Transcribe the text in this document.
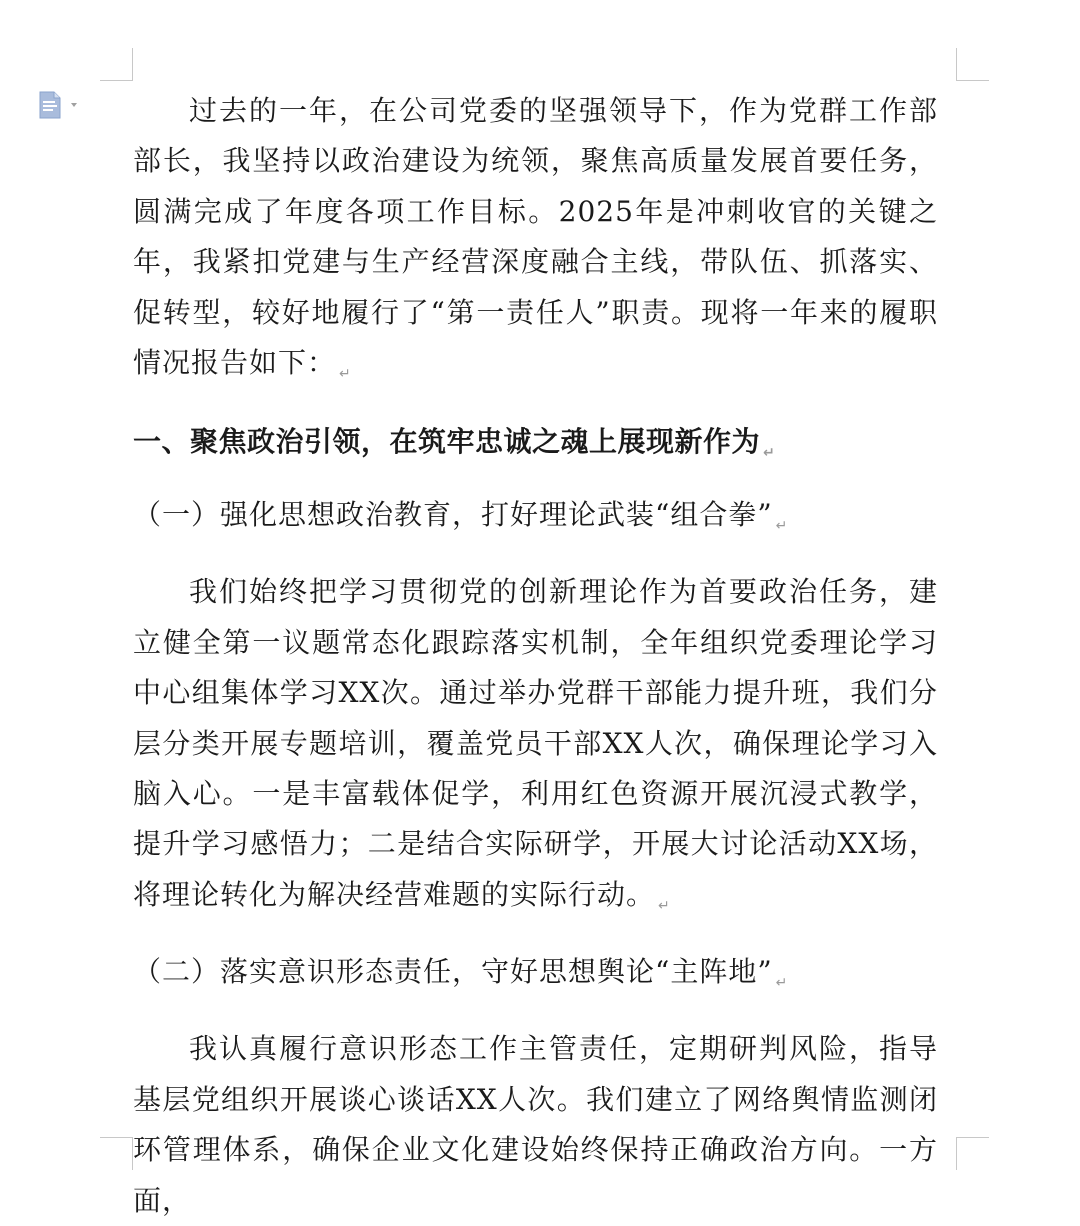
过去的一年，在公司党委的坚强领导下，作为党群工作部部长，我坚持以政治建设为统领，聚焦高质量发展首要任务，圆满完成了年度各项工作目标。2025年是冲刺收官的关键之年，我紧扣党建与生产经营深度融合主线，带队伍、抓落实、促转型，较好地履行了“第一责任人”职责。现将一年来的履职情况报告如下： $_↵$

一、聚焦政治引领，在筑牢忠诚之魂上展现新作为 $_↵$

（一）强化思想政治教育，打好理论武装“组合拳” $_↵$

我们始终把学习贯彻党的创新理论作为首要政治任务，建立健全第一议题常态化跟踪落实机制，全年组织党委理论学习中心组集体学习XX次。通过举办党群干部能力提升班，我们分层分类开展专题培训，覆盖党员干部XX人次，确保理论学习入脑入心。一是丰富载体促学，利用红色资源开展沉浸式教学，提升学习感悟力；二是结合实际研学，开展大讨论活动XX场，将理论转化为解决经营难题的实际行动。 $_↵$

（二）落实意识形态责任，守好思想舆论“主阵地” $_↵$

我认真履行意识形态工作主管责任，定期研判风险，指导基层党组织开展谈心谈话XX人次。我们建立了网络舆情监测闭环管理体系，确保企业文化建设始终保持正确政治方向。一方面，
